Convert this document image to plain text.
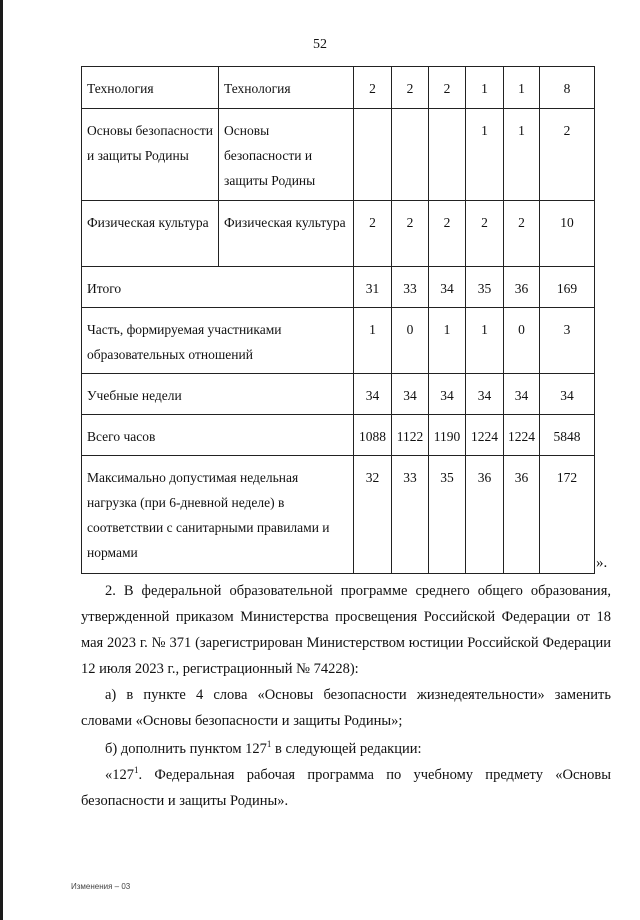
52
Технология	Технология	2	2	2	1	1	8
Основы безопасности и защиты Родины	Основы безопасности и защиты Родины				1	1	2
Физическая культура	Физическая культура	2	2	2	2	2	10
Итого		31	33	34	35	36	169
Часть, формируемая участниками образовательных отношений		1	0	1	1	0	3
Учебные недели		34	34	34	34	34	34
Всего часов		1088	1122	1190	1224	1224	5848
Максимально допустимая недельная нагрузка (при 6-дневной неделе) в соответствии с санитарными правилами и нормами		32	33	35	36	36	172
».

2. В федеральной образовательной программе среднего общего образования, утвержденной приказом Министерства просвещения Российской Федерации от 18 мая 2023 г. № 371 (зарегистрирован Министерством юстиции Российской Федерации 12 июля 2023 г., регистрационный № 74228):

а) в пункте 4 слова «Основы безопасности жизнедеятельности» заменить словами «Основы безопасности и защиты Родины»;

б) дополнить пунктом $127^1$ в следующей редакции:

«$127^1$. Федеральная рабочая программа по учебному предмету «Основы безопасности и защиты Родины».

Изменения – 03
